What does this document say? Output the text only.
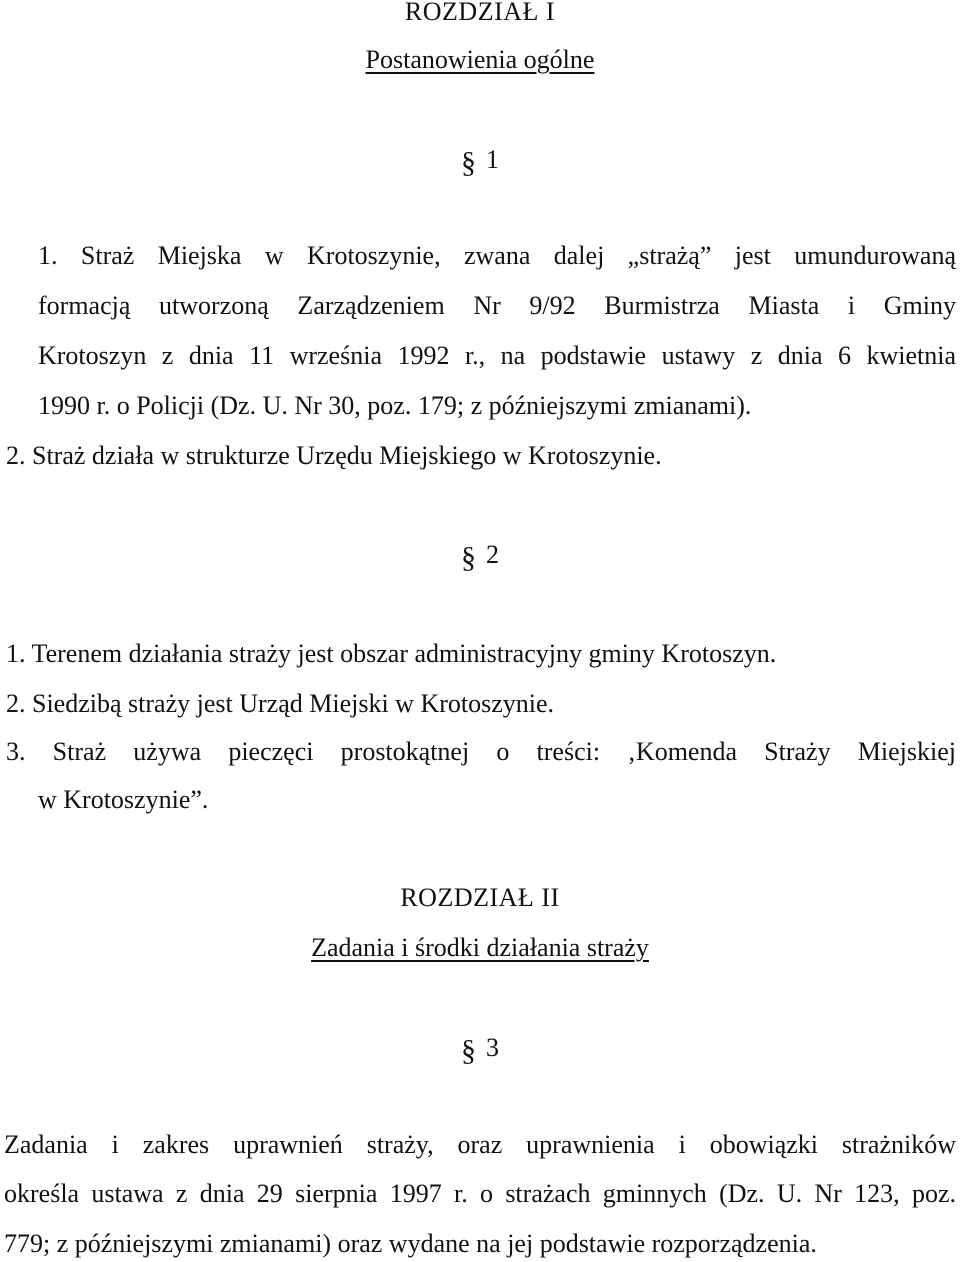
ROZDZIAŁ I
Postanowienia ogólne
§ 1
1. Straż Miejska w Krotoszynie, zwana dalej „strażą” jest umundurowaną
formacją utworzoną Zarządzeniem Nr 9/92 Burmistrza Miasta i Gminy
Krotoszyn z dnia 11 września 1992 r., na podstawie ustawy z dnia 6 kwietnia
1990 r. o Policji (Dz. U. Nr 30, poz. 179; z późniejszymi zmianami).
2. Straż działa w strukturze Urzędu Miejskiego w Krotoszynie.
§ 2
1. Terenem działania straży jest obszar administracyjny gminy Krotoszyn.
2. Siedzibą straży jest Urząd Miejski w Krotoszynie.
3. Straż używa pieczęci prostokątnej o treści: ‚Komenda Straży Miejskiej
w Krotoszynie”.
ROZDZIAŁ II
Zadania i środki działania straży
§ 3
Zadania i zakres uprawnień straży, oraz uprawnienia i obowiązki strażników
określa ustawa z dnia 29 sierpnia 1997 r. o strażach gminnych (Dz. U. Nr 123, poz.
779; z późniejszymi zmianami) oraz wydane na jej podstawie rozporządzenia.
